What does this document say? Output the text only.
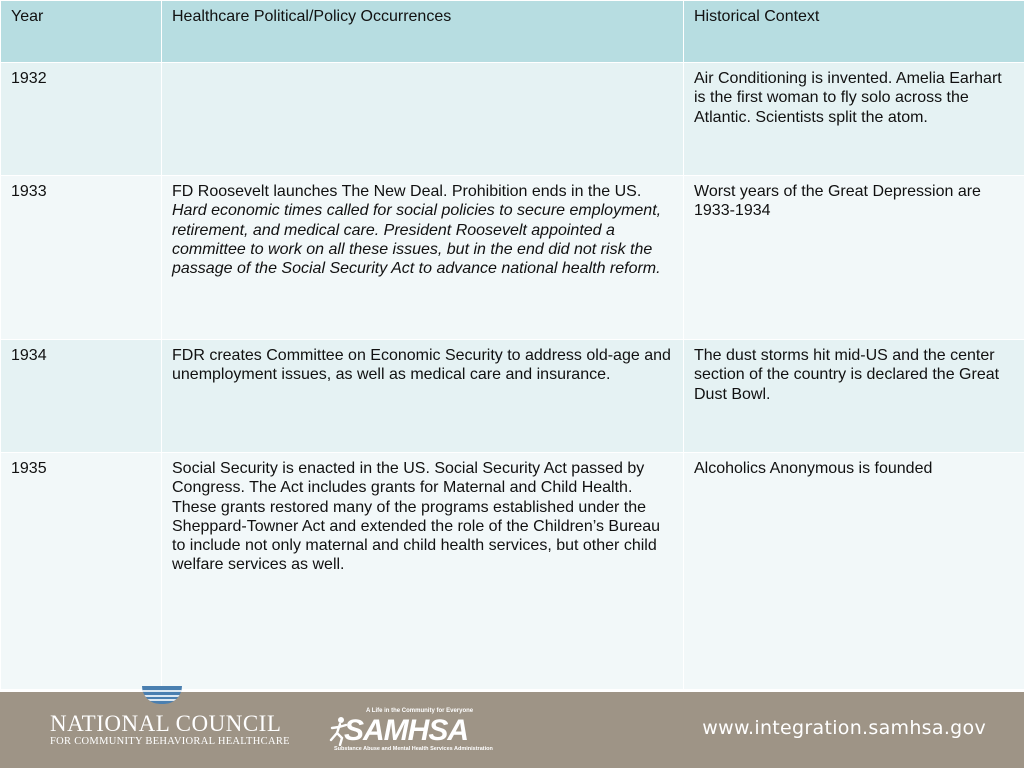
Year	Healthcare Political/Policy Occurrences	Historical Context
1932		Air Conditioning is invented. Amelia Earhart is the first woman to fly solo across the Atlantic. Scientists split the atom.
1933	FD Roosevelt launches The New Deal. Prohibition ends in the US. Hard economic times called for social policies to secure employment, retirement, and medical care. President Roosevelt appointed a committee to work on all these issues, but in the end did not risk the passage of the Social Security Act to advance national health reform.	Worst years of the Great Depression are 1933-1934
1934	FDR creates Committee on Economic Security to address old-age and unemployment issues, as well as medical care and insurance.	The dust storms hit mid-US and the center section of the country is declared the Great Dust Bowl.
1935	Social Security is enacted in the US. Social Security Act passed by Congress. The Act includes grants for Maternal and Child Health. These grants restored many of the programs established under the Sheppard-Towner Act and extended the role of the Children’s Bureau to include not only maternal and child health services, but other child welfare services as well.	Alcoholics Anonymous is founded
NATIONAL COUNCIL
FOR COMMUNITY BEHAVIORAL HEALTHCARE
A Life in the Community for Everyone
SAMHSA
Substance Abuse and Mental Health Services Administration
www.integration.samhsa.gov
